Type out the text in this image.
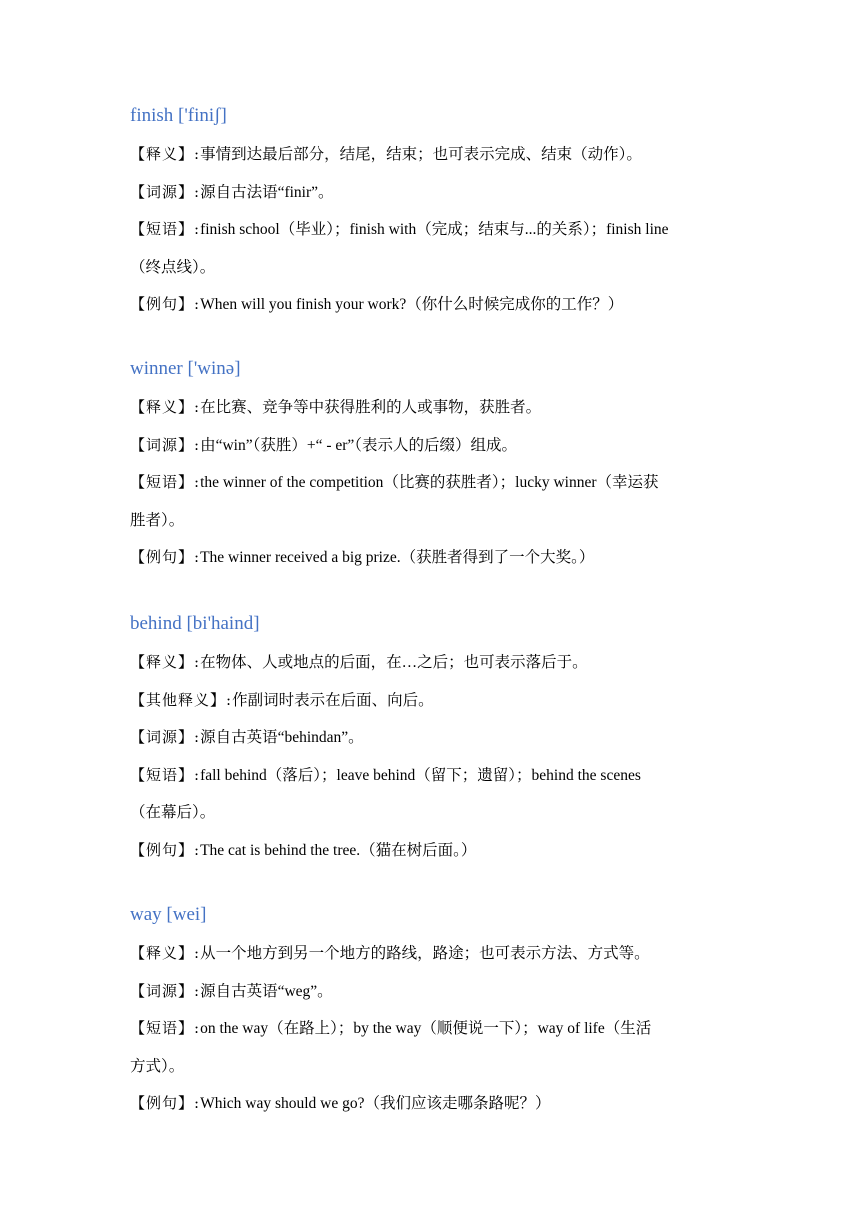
finish ['finiʃ]
【释义】:事情到达最后部分，结尾，结束；也可表示完成、结束（动作）。
【词源】:源自古法语“finir”。
【短语】:finish school（毕业）；finish with（完成；结束与...的关系）；finish line
（终点线）。
【例句】:When will you finish your work?（你什么时候完成你的工作？）
winner ['winə]
【释义】:在比赛、竞争等中获得胜利的人或事物，获胜者。
【词源】:由“win”（获胜）+“ - er”（表示人的后缀）组成。
【短语】:the winner of the competition（比赛的获胜者）；lucky winner（幸运获
胜者）。
【例句】:The winner received a big prize.（获胜者得到了一个大奖。）
behind [bi'haind]
【释义】:在物体、人或地点的后面，在…之后；也可表示落后于。
【其他释义】:作副词时表示在后面、向后。
【词源】:源自古英语“behindan”。
【短语】:fall behind（落后）；leave behind（留下；遗留）；behind the scenes
（在幕后）。
【例句】:The cat is behind the tree.（猫在树后面。）
way [wei]
【释义】:从一个地方到另一个地方的路线，路途；也可表示方法、方式等。
【词源】:源自古英语“weg”。
【短语】:on the way（在路上）；by the way（顺便说一下）；way of life（生活
方式）。
【例句】:Which way should we go?（我们应该走哪条路呢？）
